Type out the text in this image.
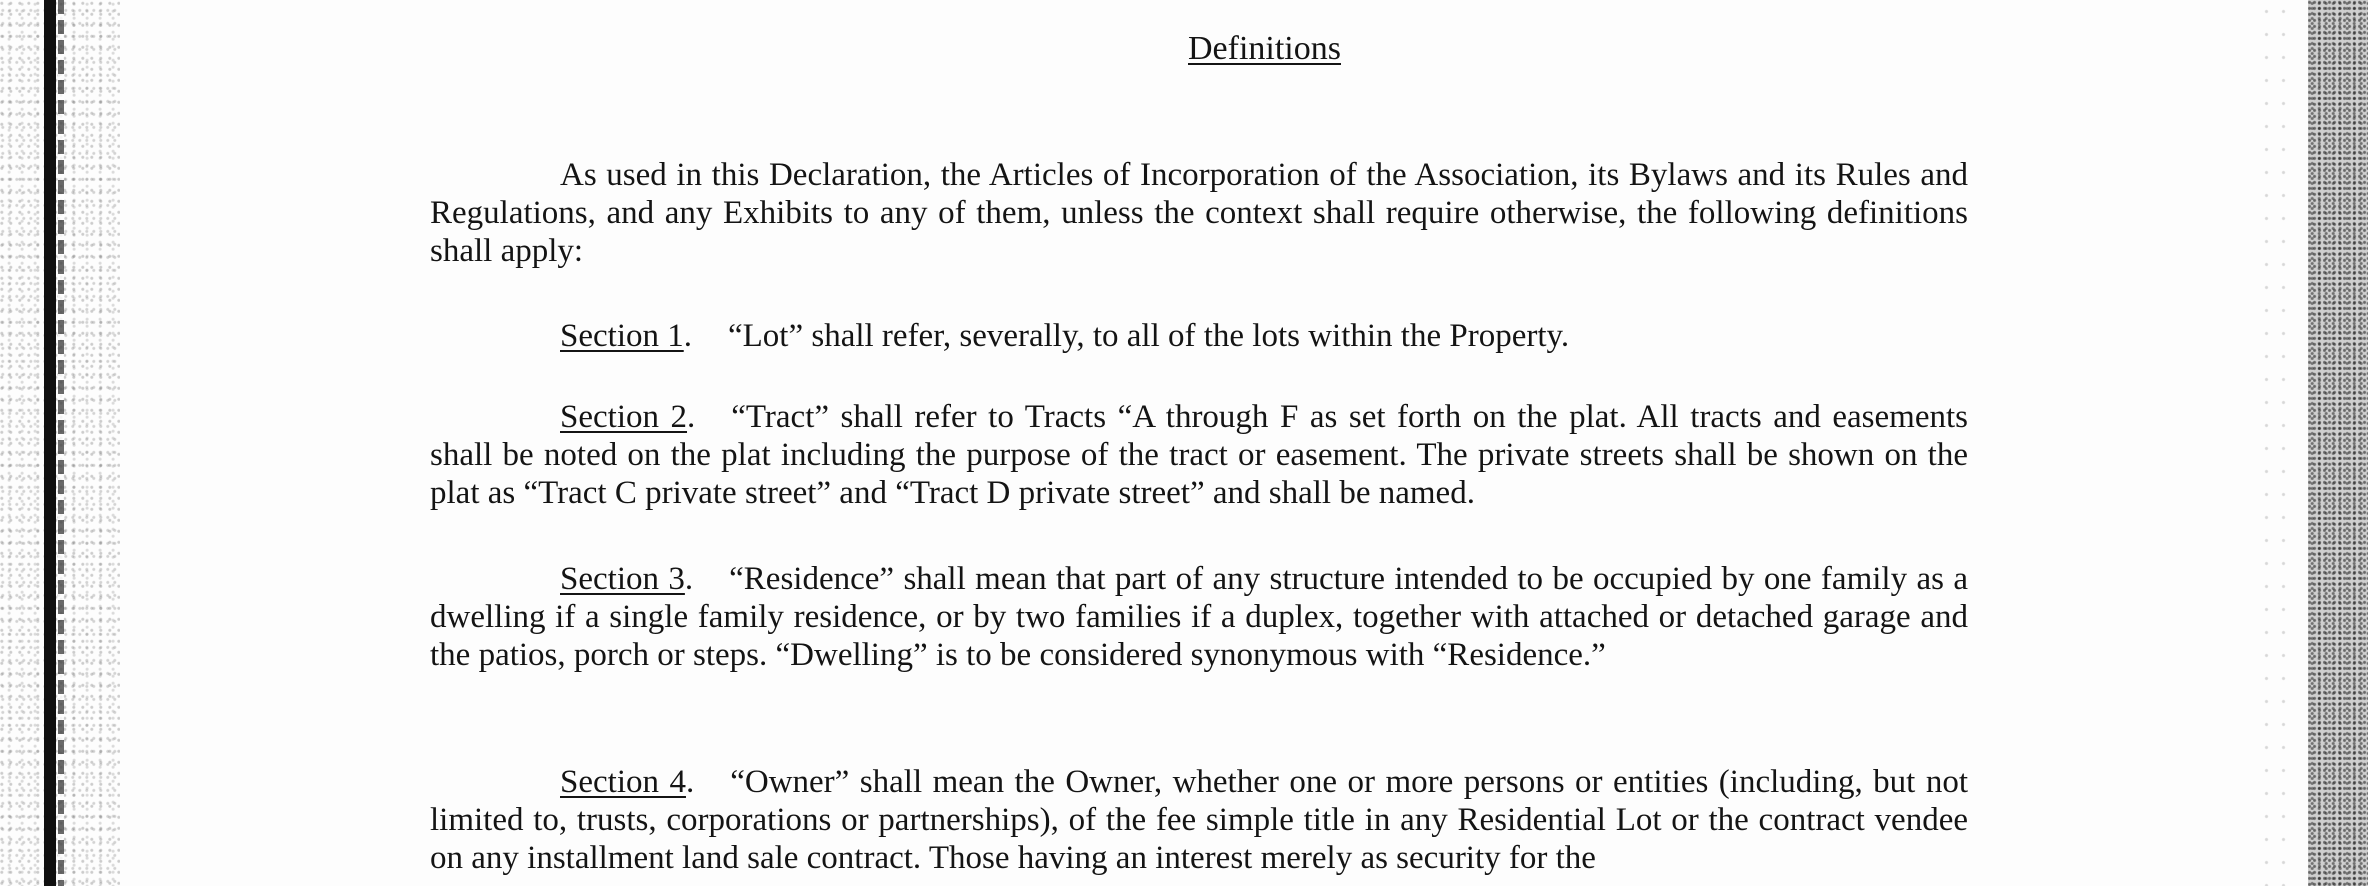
Definitions
As used in this Declaration, the Articles of Incorporation of the Association, its Bylaws and its Rules and Regulations, and any Exhibits to any of them, unless the context shall require otherwise, the following definitions shall apply:
Section 1. “Lot” shall refer, severally, to all of the lots within the Property.
Section 2. “Tract” shall refer to Tracts “A through F as set forth on the plat. All tracts and easements shall be noted on the plat including the purpose of the tract or easement. The private streets shall be shown on the plat as “Tract C private street” and “Tract D private street” and shall be named.
Section 3. “Residence” shall mean that part of any structure intended to be occupied by one family as a dwelling if a single family residence, or by two families if a duplex, together with attached or detached garage and the patios, porch or steps. “Dwelling” is to be considered synonymous with “Residence.”
Section 4. “Owner” shall mean the Owner, whether one or more persons or entities (including, but not limited to, trusts, corporations or partnerships), of the fee simple title in any Residential Lot or the contract vendee on any installment land sale contract. Those having an interest merely as security for the
